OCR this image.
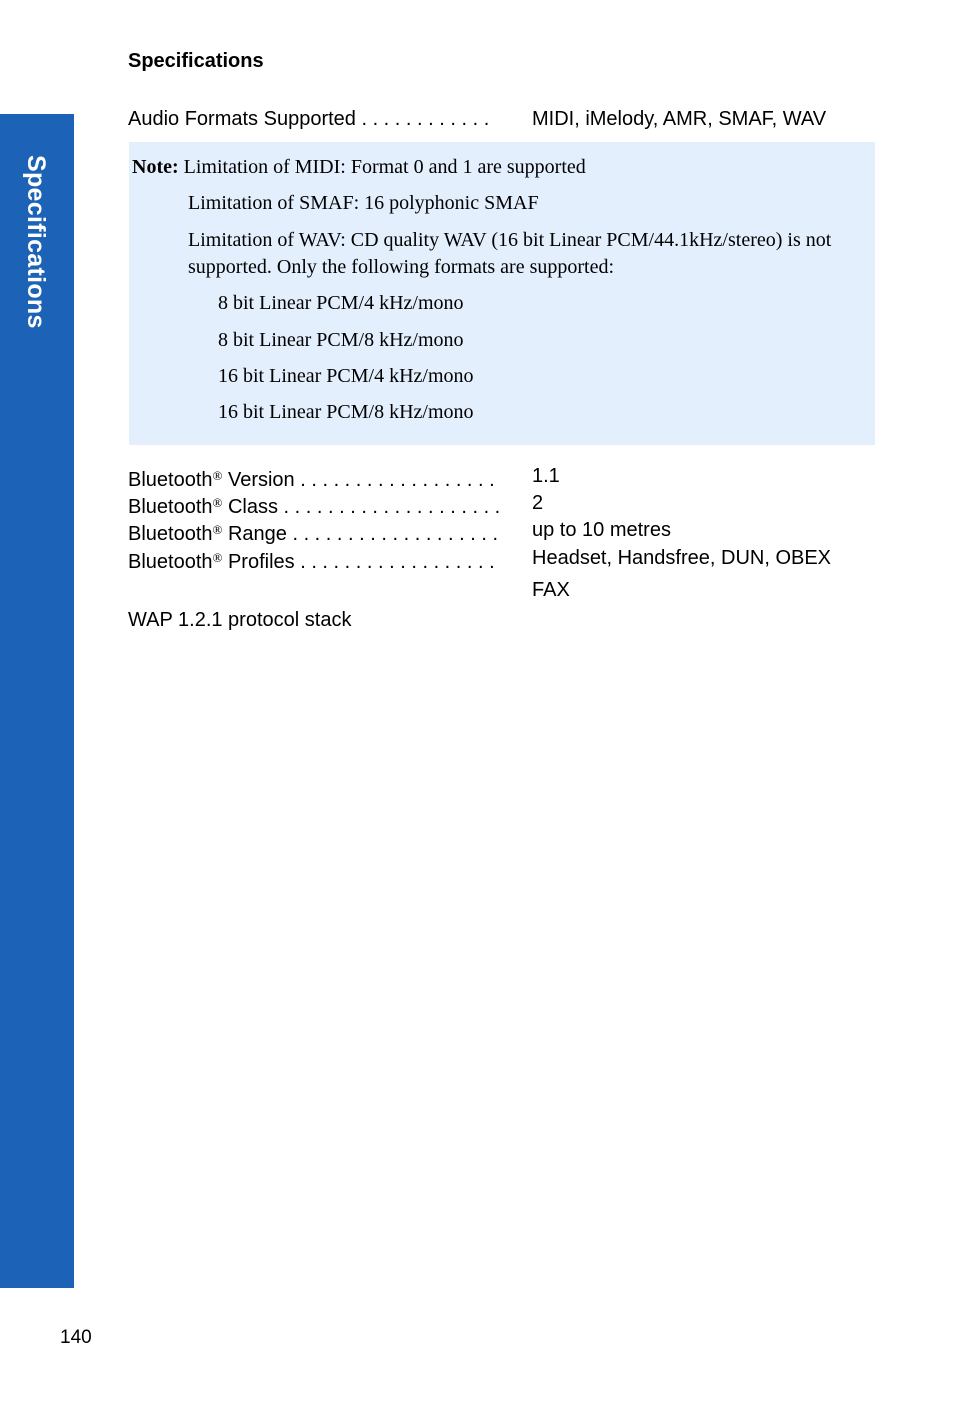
Specifications
Specifications
Audio Formats Supported . . . . . . . . . . . . MIDI, iMelody, AMR, SMAF, WAV
Note: Limitation of MIDI: Format 0 and 1 are supported
Limitation of SMAF: 16 polyphonic SMAF
Limitation of WAV: CD quality WAV (16 bit Linear PCM/44.1kHz/stereo) is not
supported. Only the following formats are supported:
8 bit Linear PCM/4 kHz/mono
8 bit Linear PCM/8 kHz/mono
16 bit Linear PCM/4 kHz/mono
16 bit Linear PCM/8 kHz/mono
Bluetooth® Version . . . . . . . . . . . . . . . . . . 1.1
Bluetooth® Class . . . . . . . . . . . . . . . . . . . . 2
Bluetooth® Range . . . . . . . . . . . . . . . . . . . up to 10 metres
Bluetooth® Profiles . . . . . . . . . . . . . . . . . . Headset, Handsfree, DUN, OBEX
FAX
WAP 1.2.1 protocol stack
140
